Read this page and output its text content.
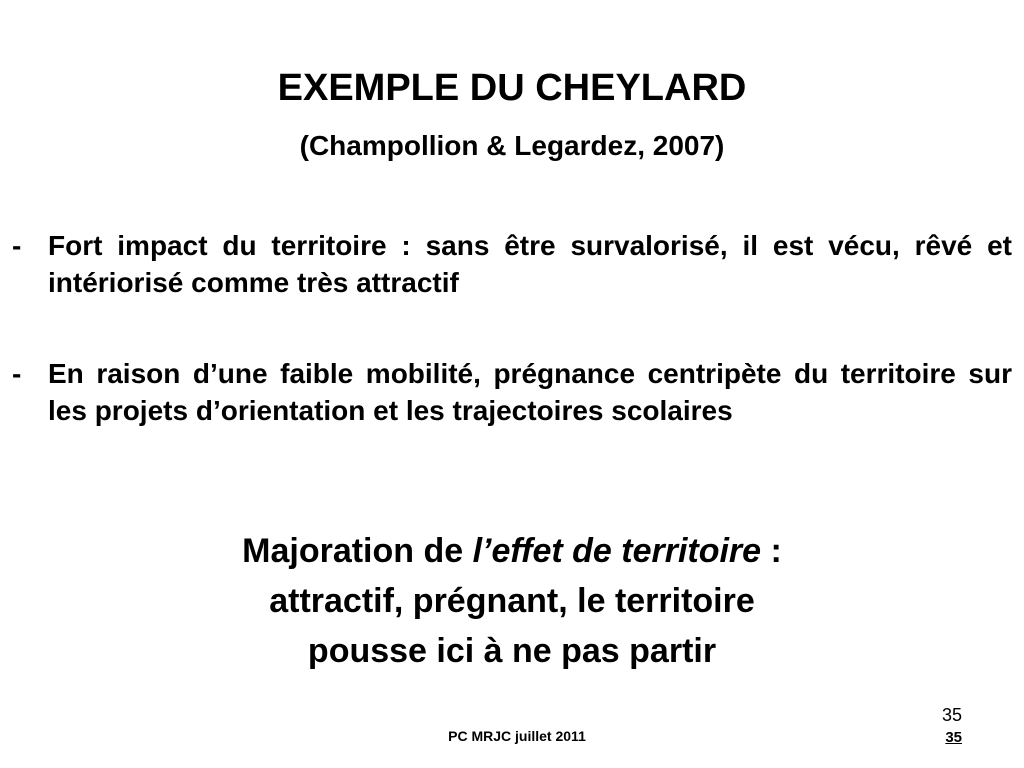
EXEMPLE DU CHEYLARD
(Champollion & Legardez, 2007)
- Fort impact du territoire : sans être survalorisé, il est vécu, rêvé et intériorisé comme très attractif
- En raison d’une faible mobilité, prégnance centripète du territoire sur les projets d’orientation et les trajectoires scolaires
Majoration de l’effet de territoire :
attractif, prégnant, le territoire
pousse ici à ne pas partir
35
PC MRJC juillet 2011	35
